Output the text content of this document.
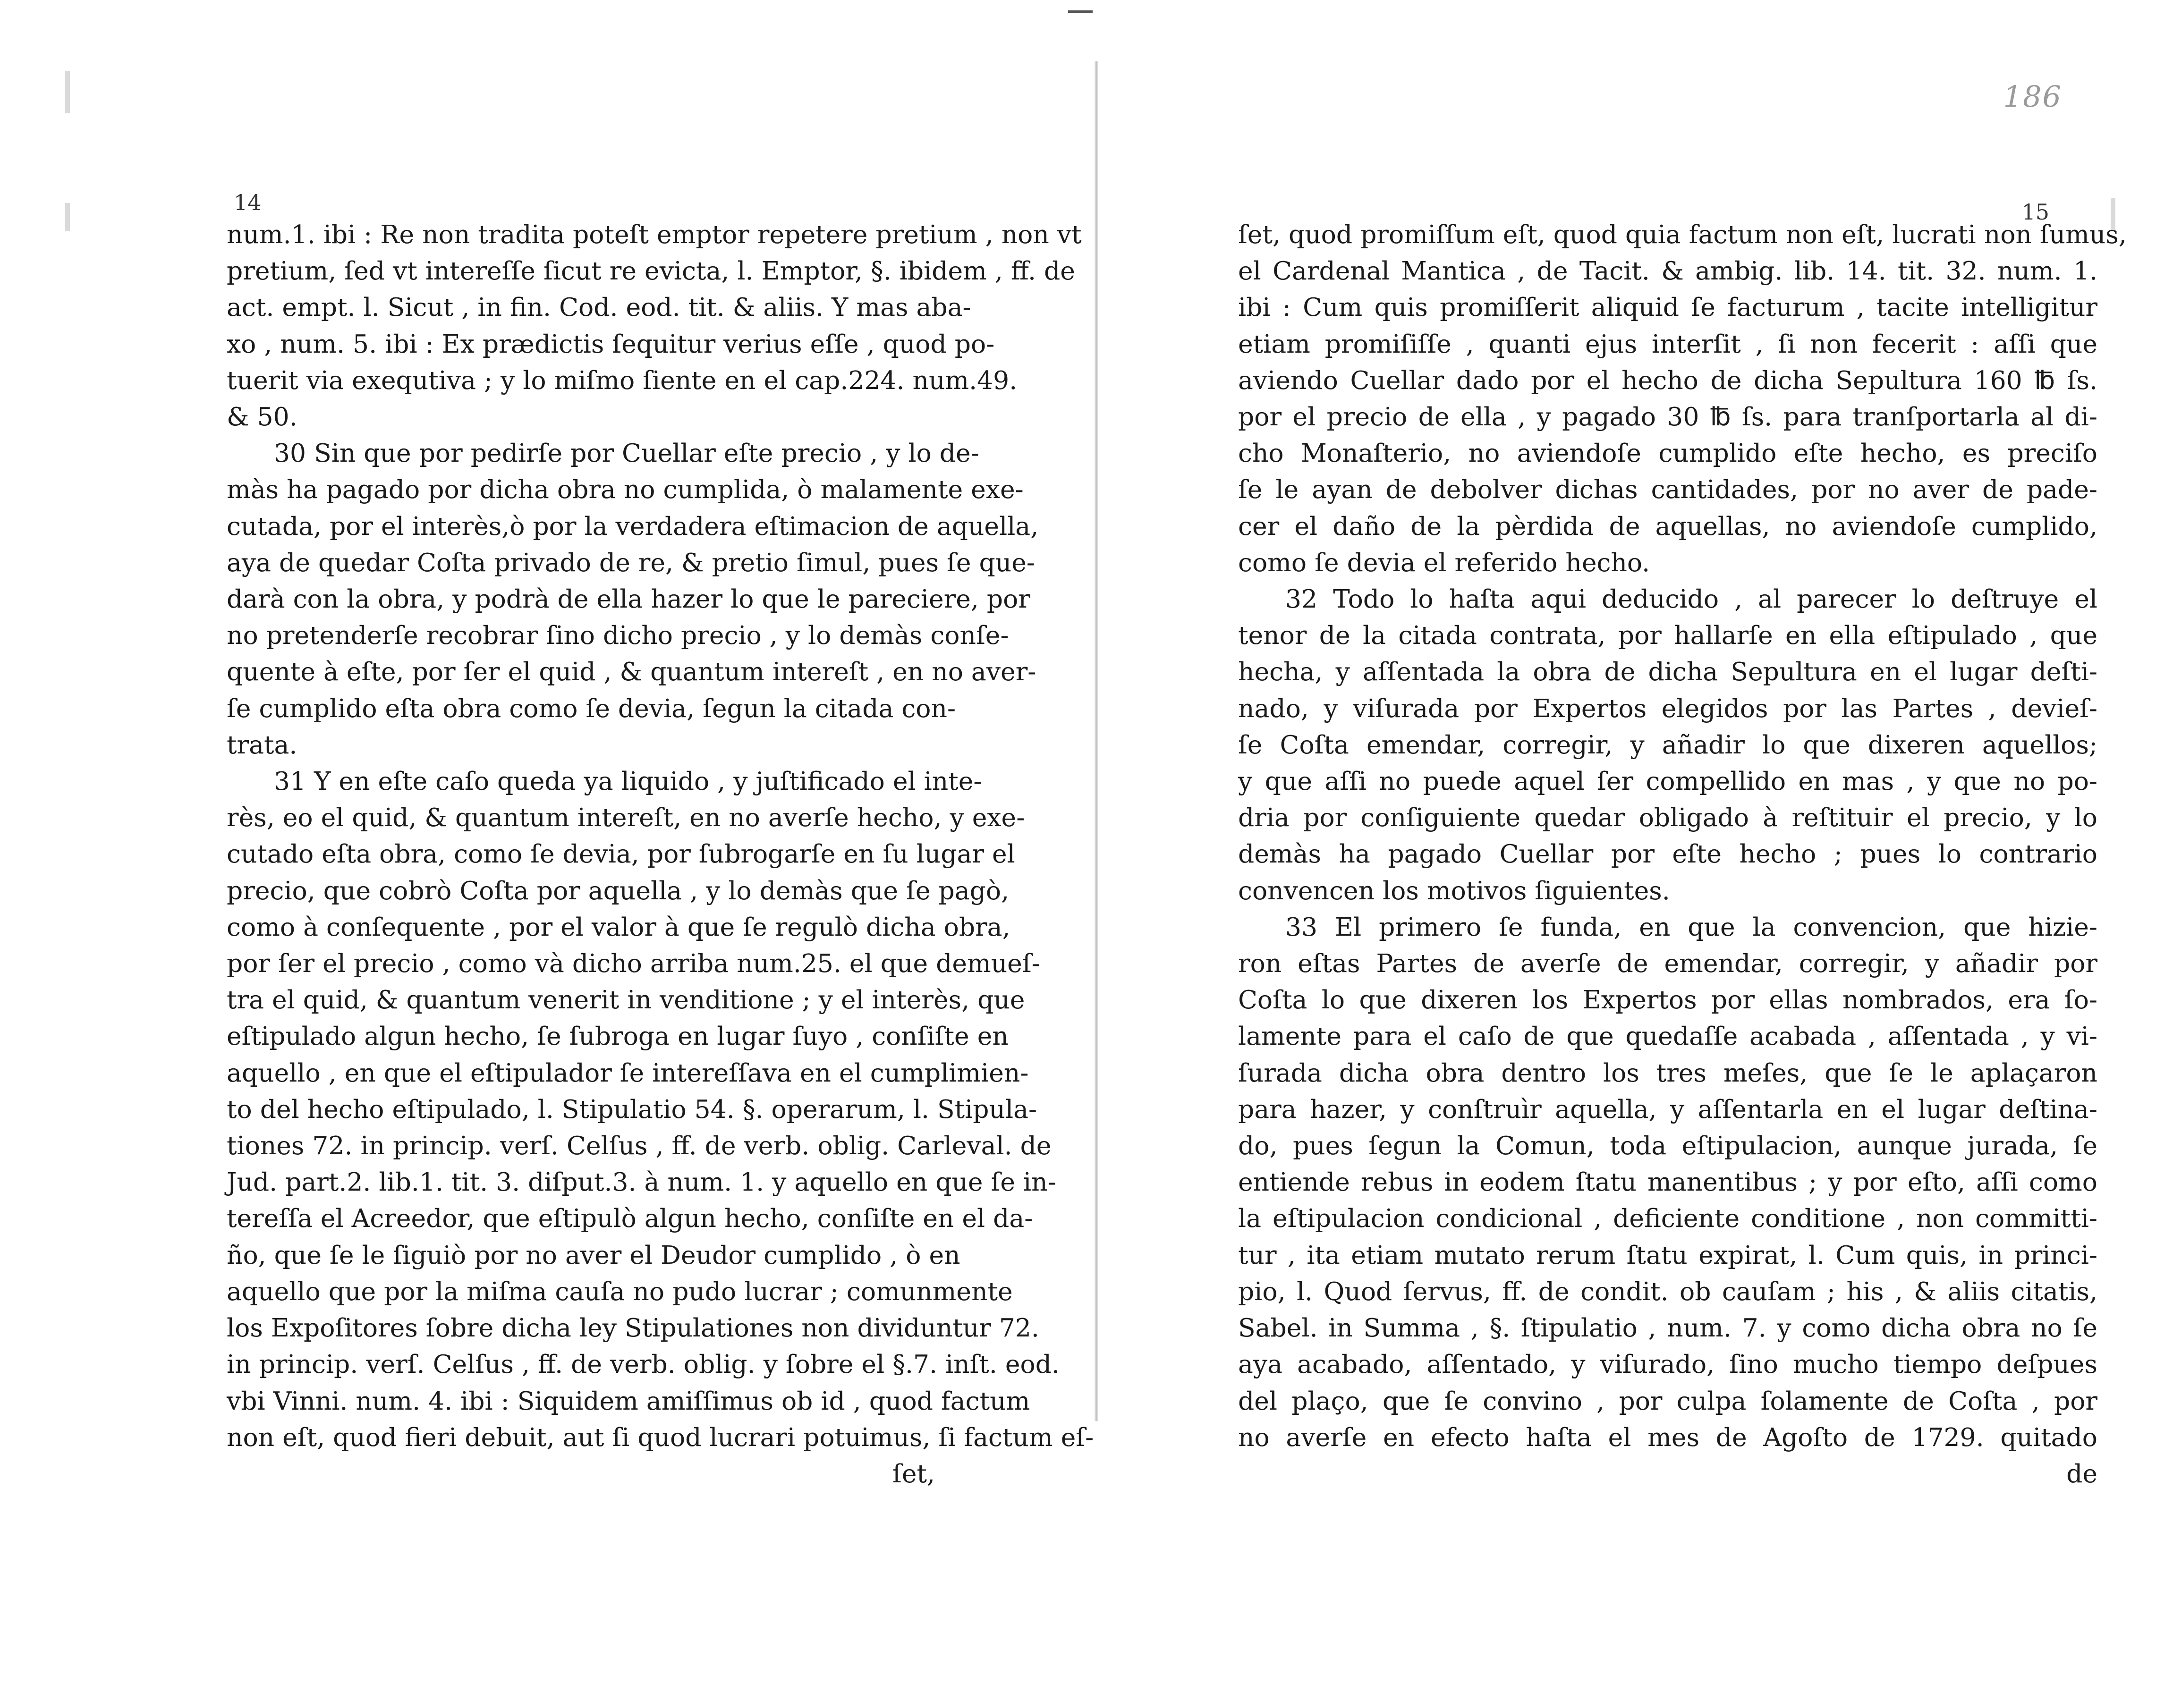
14
num.1. ibi : Re non tradita poteſt emptor repetere pretium , non vt
pretium, ſed vt intereſſe ſicut re evicta, l. Emptor, §. ibidem , ff. de
act. empt. l. Sicut , in fin. Cod. eod. tit. & aliis. Y mas aba-
xo , num. 5. ibi : Ex prædictis ſequitur verius eſſe , quod po-
tuerit via exequtiva ; y lo miſmo ſiente en el cap.224. num.49.
& 50.
30 Sin que por pedirſe por Cuellar eſte precio , y lo de-
màs ha pagado por dicha obra no cumplida, ò malamente exe-
cutada, por el interès,ò por la verdadera eſtimacion de aquella,
aya de quedar Coſta privado de re, & pretio ſimul, pues ſe que-
darà con la obra, y podrà de ella hazer lo que le pareciere, por
no pretenderſe recobrar ſino dicho precio , y lo demàs conſe-
quente à eſte, por ſer el quid , & quantum intereſt , en no aver-
ſe cumplido eſta obra como ſe devia, ſegun la citada con-
trata.
31 Y en eſte caſo queda ya liquido , y juſtificado el inte-
rès, eo el quid, & quantum intereſt, en no averſe hecho, y exe-
cutado eſta obra, como ſe devia, por ſubrogarſe en ſu lugar el
precio, que cobrò Coſta por aquella , y lo demàs que ſe pagò,
como à conſequente , por el valor à que ſe regulò dicha obra,
por ſer el precio , como và dicho arriba num.25. el que demueſ-
tra el quid, & quantum venerit in venditione ; y el interès, que
eſtipulado algun hecho, ſe ſubroga en lugar ſuyo , conſiſte en
aquello , en que el eſtipulador ſe intereſſava en el cumplimien-
to del hecho eſtipulado, l. Stipulatio 54. §. operarum, l. Stipula-
tiones 72. in princip. verſ. Celſus , ff. de verb. oblig. Carleval. de
Jud. part.2. lib.1. tit. 3. diſput.3. à num. 1. y aquello en que ſe in-
tereſſa el Acreedor, que eſtipulò algun hecho, conſiſte en el da-
ño, que ſe le ſiguiò por no aver el Deudor cumplido , ò en
aquello que por la miſma cauſa no pudo lucrar ; comunmente
los Expoſitores ſobre dicha ley Stipulationes non dividuntur 72.
in princip. verſ. Celſus , ff. de verb. oblig. y ſobre el §.7. inſt. eod.
vbi Vinni. num. 4. ibi : Siquidem amiſſimus ob id , quod factum
non eſt, quod fieri debuit, aut ſi quod lucrari potuimus, ſi factum eſ-
ſet,
186
15
ſet, quod promiſſum eſt, quod quia factum non eſt, lucrati non ſumus,
el Cardenal Mantica , de Tacit. & ambig. lib. 14. tit. 32. num. 1.
ibi : Cum quis promiſſerit aliquid ſe facturum , tacite intelligitur
etiam promiſiſſe , quanti ejus interſit , ſi non fecerit : aſſi que
aviendo Cuellar dado por el hecho de dicha Sepultura 160 ℔ ſs.
por el precio de ella , y pagado 30 ℔ ſs. para tranſportarla al di-
cho Monaſterio, no aviendoſe cumplido eſte hecho, es preciſo
ſe le ayan de debolver dichas cantidades, por no aver de pade-
cer el daño de la pèrdida de aquellas, no aviendoſe cumplido,
como ſe devia el referido hecho.
32 Todo lo haſta aqui deducido , al parecer lo deſtruye el
tenor de la citada contrata, por hallarſe en ella eſtipulado , que
hecha, y aſſentada la obra de dicha Sepultura en el lugar deſti-
nado, y viſurada por Expertos elegidos por las Partes , devieſ-
ſe Coſta emendar, corregir, y añadir lo que dixeren aquellos;
y que aſſi no puede aquel ſer compellido en mas , y que no po-
dria por conſiguiente quedar obligado à reſtituir el precio, y lo
demàs ha pagado Cuellar por eſte hecho ; pues lo contrario
convencen los motivos ſiguientes.
33 El primero ſe funda, en que la convencion, que hizie-
ron eſtas Partes de averſe de emendar, corregir, y añadir por
Coſta lo que dixeren los Expertos por ellas nombrados, era ſo-
lamente para el caſo de que quedaſſe acabada , aſſentada , y vi-
ſurada dicha obra dentro los tres meſes, que ſe le aplaçaron
para hazer, y conſtruìr aquella, y aſſentarla en el lugar deſtina-
do, pues ſegun la Comun, toda eſtipulacion, aunque jurada, ſe
entiende rebus in eodem ſtatu manentibus ; y por eſto, aſſi como
la eſtipulacion condicional , deficiente conditione , non committi-
tur , ita etiam mutato rerum ſtatu expirat, l. Cum quis, in princi-
pio, l. Quod ſervus, ff. de condit. ob cauſam ; his , & aliis citatis,
Sabel. in Summa , §. ſtipulatio , num. 7. y como dicha obra no ſe
aya acabado, aſſentado, y viſurado, ſino mucho tiempo deſpues
del plaço, que ſe convino , por culpa ſolamente de Coſta , por
no averſe en efecto haſta el mes de Agoſto de 1729. quitado
de
